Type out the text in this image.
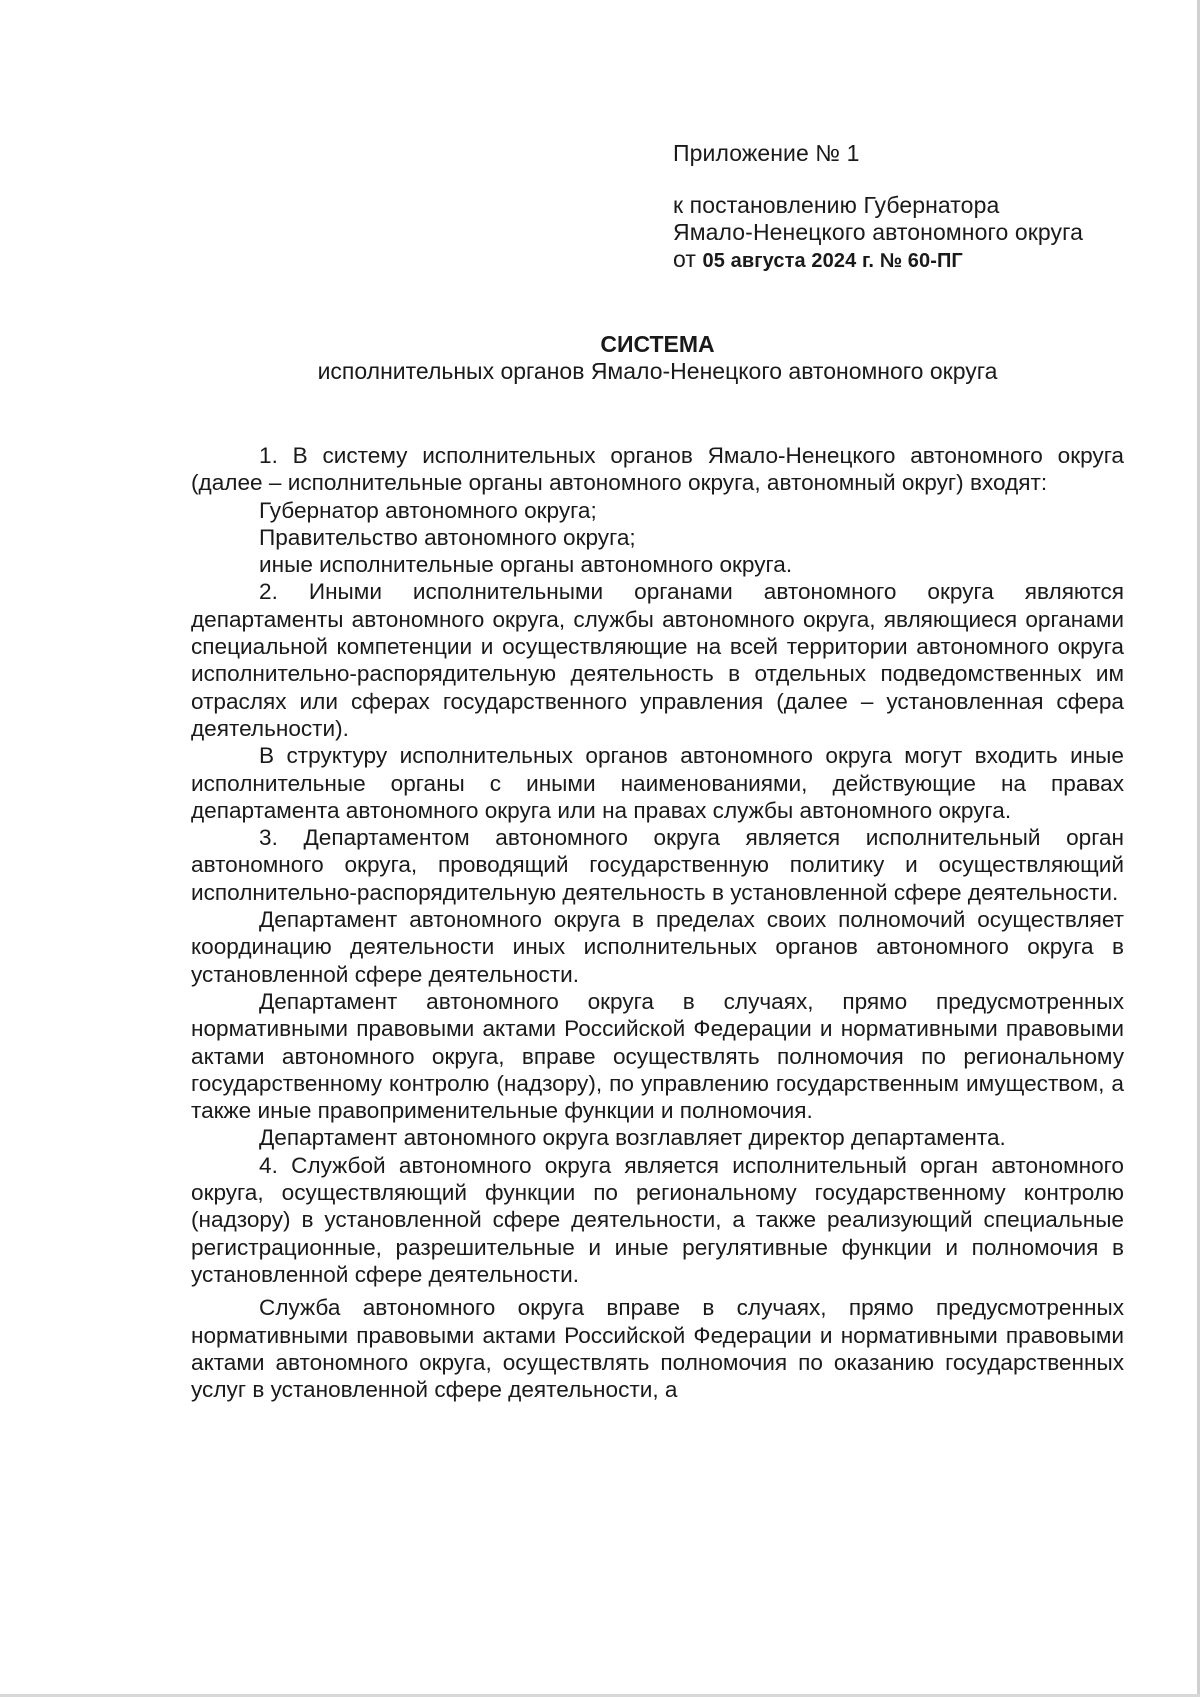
Приложение № 1
к постановлению Губернатора
Ямало-Ненецкого автономного округа
от 05 августа 2024 г. № 60-ПГ
СИСТЕМА
исполнительных органов Ямало-Ненецкого автономного округа

1. В систему исполнительных органов Ямало-Ненецкого автономного округа (далее – исполнительные органы автономного округа, автономный округ) входят:

Губернатор автономного округа;

Правительство автономного округа;

иные исполнительные органы автономного округа.

2. Иными исполнительными органами автономного округа являются департаменты автономного округа, службы автономного округа, являющиеся органами специальной компетенции и осуществляющие на всей территории автономного округа исполнительно-распорядительную деятельность в отдельных подведомственных им отраслях или сферах государственного управления (далее – установленная сфера деятельности).

В структуру исполнительных органов автономного округа могут входить иные исполнительные органы с иными наименованиями, действующие на правах департамента автономного округа или на правах службы автономного округа.

3. Департаментом автономного округа является исполнительный орган автономного округа, проводящий государственную политику и осуществляющий исполнительно-распорядительную деятельность в установленной сфере деятельности.

Департамент автономного округа в пределах своих полномочий осуществляет координацию деятельности иных исполнительных органов автономного округа в установленной сфере деятельности.

Департамент автономного округа в случаях, прямо предусмотренных нормативными правовыми актами Российской Федерации и нормативными правовыми актами автономного округа, вправе осуществлять полномочия по региональному государственному контролю (надзору), по управлению государственным имуществом, а также иные правоприменительные функции и полномочия.

Департамент автономного округа возглавляет директор департамента.

4. Службой автономного округа является исполнительный орган автономного округа, осуществляющий функции по региональному государственному контролю (надзору) в установленной сфере деятельности, а также реализующий специальные регистрационные, разрешительные и иные регулятивные функции и полномочия в установленной сфере деятельности.

Служба автономного округа вправе в случаях, прямо предусмотренных нормативными правовыми актами Российской Федерации и нормативными правовыми актами автономного округа, осуществлять полномочия по оказанию государственных услуг в установленной сфере деятельности, а
